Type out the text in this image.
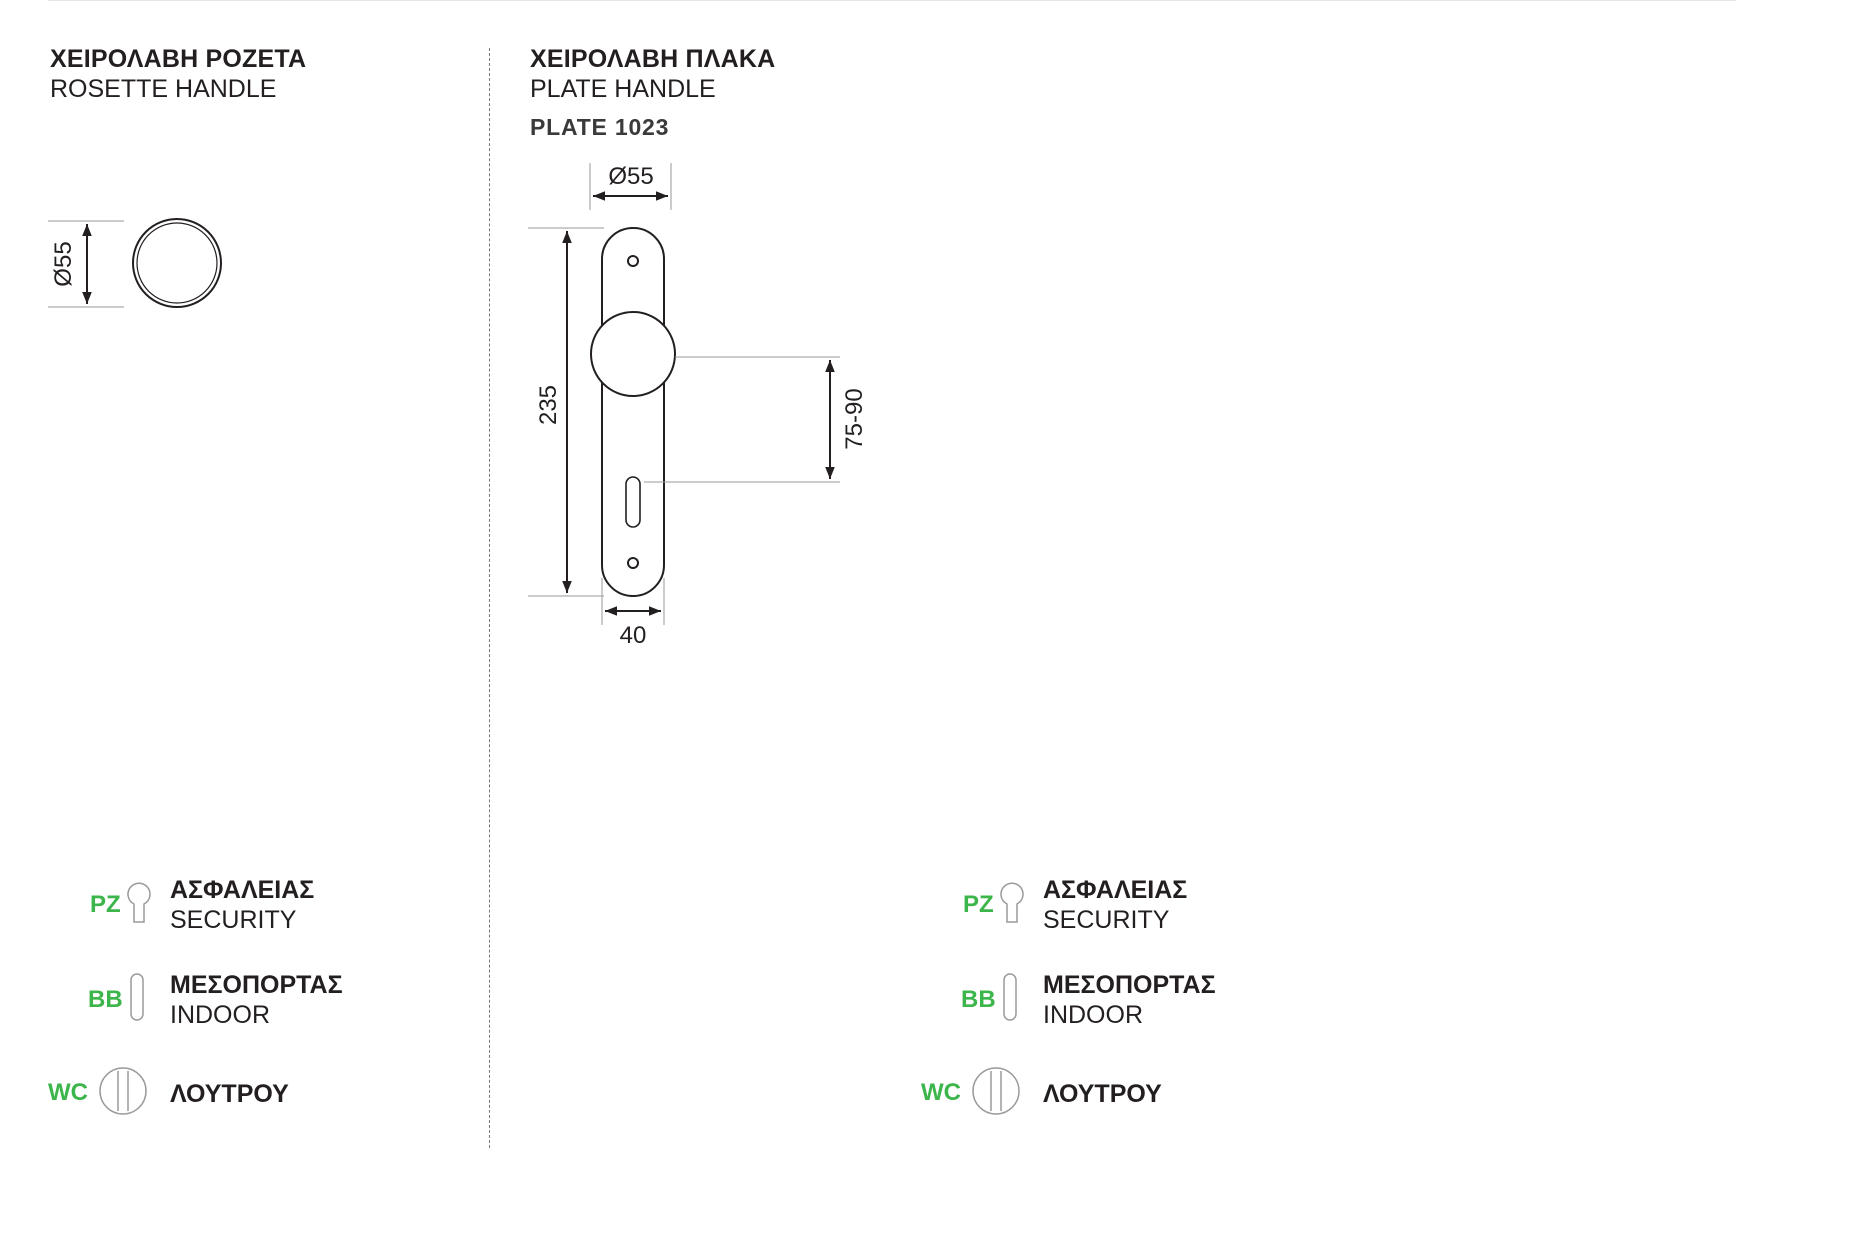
ΧΕΙΡΟΛΑΒΗ ΡΟΖΕΤΑ
ROSETTE HANDLE
ΧΕΙΡΟΛΑΒΗ ΠΛΑΚΑ
PLATE HANDLE
PLATE 1023
Ø55
Ø55
235	75-90
40
PZ
ΑΣΦΑΛΕΙΑΣ
SECURITY
BB
ΜΕΣΟΠΟΡΤΑΣ
INDOOR
WC	ΛΟΥΤΡΟΥ
PZ
ΑΣΦΑΛΕΙΑΣ
SECURITY
BB
ΜΕΣΟΠΟΡΤΑΣ
INDOOR
WC	ΛΟΥΤΡΟΥ
